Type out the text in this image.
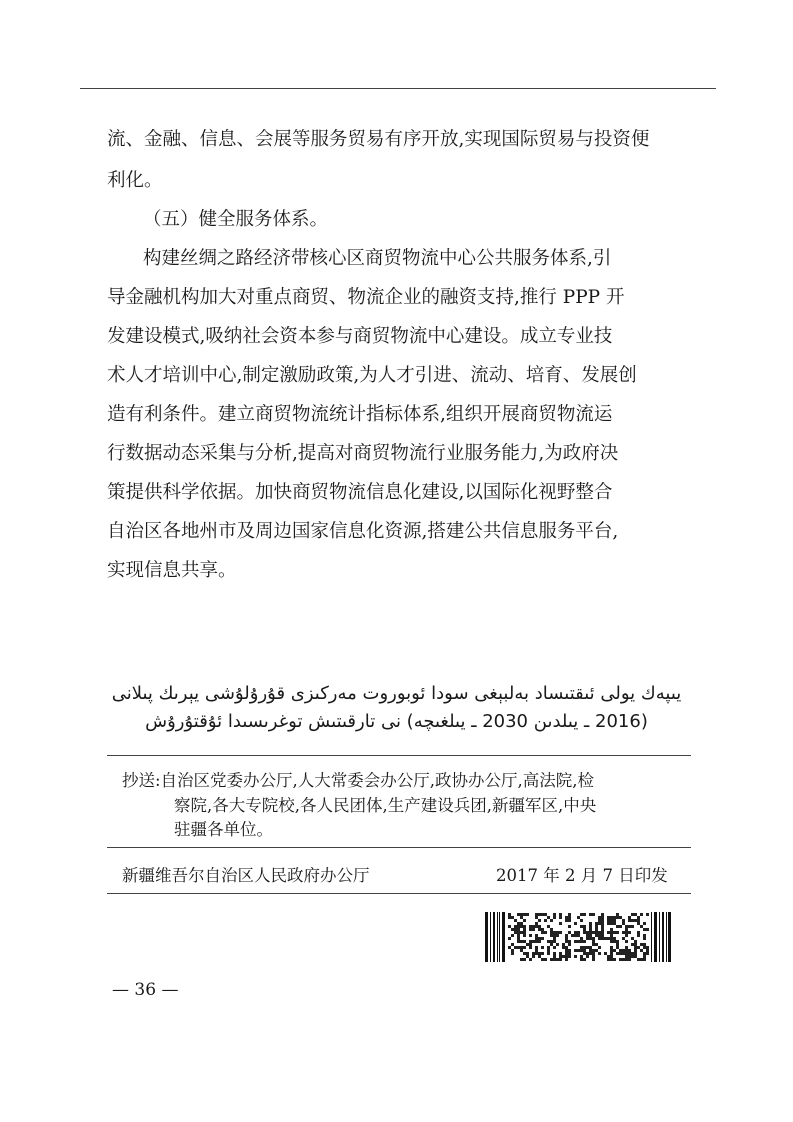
流、金融、信息、会展等服务贸易有序开放,实现国际贸易与投资便
利化。
（五）健全服务体系。
构建丝绸之路经济带核心区商贸物流中心公共服务体系,引
导金融机构加大对重点商贸、物流企业的融资支持,推行 PPP 开
发建设模式,吸纳社会资本参与商贸物流中心建设。成立专业技
术人才培训中心,制定激励政策,为人才引进、流动、培育、发展创
造有利条件。建立商贸物流统计指标体系,组织开展商贸物流运
行数据动态采集与分析,提高对商贸物流行业服务能力,为政府决
策提供科学依据。加快商贸物流信息化建设,以国际化视野整合
自治区各地州市及周边国家信息化资源,搭建公共信息服务平台,
实现信息共享。
يىپەك يولى ئىقتىساد بەلبېغى سودا ئوبوروت مەركىزى قۇرۇلۇشى يېرىك پىلانى
(2016 ـ يىلدىن 2030 ـ يىلغىچە) نى تارقىتىش توغرىسىدا ئۇقتۇرۇش
抄送:自治区党委办公厅,人大常委会办公厅,政协办公厅,高法院,检
察院,各大专院校,各人民团体,生产建设兵团,新疆军区,中央
驻疆各单位。
新疆维吾尔自治区人民政府办公厅	2017 年 2 月 7 日印发
— 36 —
